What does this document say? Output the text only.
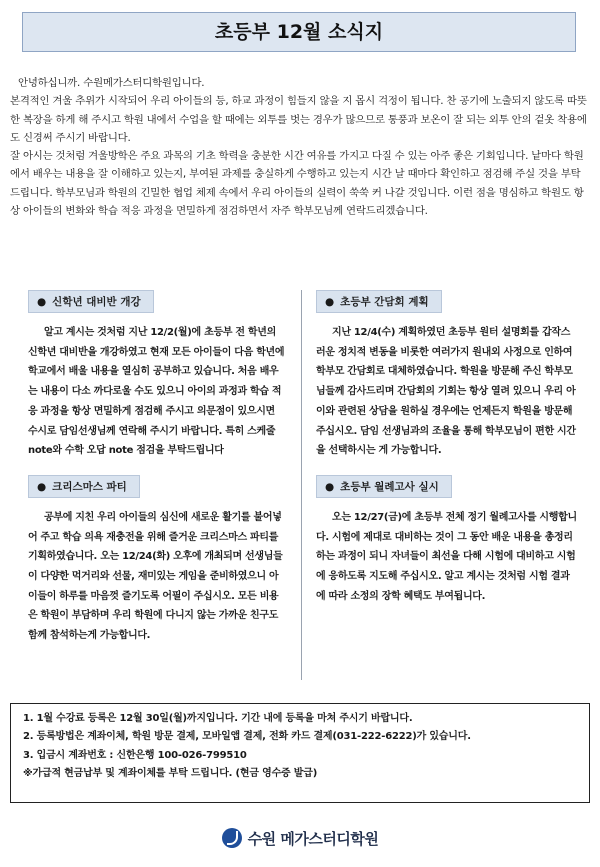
초등부 12월 소식지

안녕하십니까. 수원메가스터디학원입니다.

본격적인 겨울 추위가 시작되어 우리 아이들의 등, 하교 과정이 힘들지 않을 지 몹시 걱정이 됩니다. 찬 공기에 노출되지 않도록 따뜻한 복장을 하게 해 주시고 학원 내에서 수업을 할 때에는 외투를 벗는 경우가 많으므로 통풍과 보온이 잘 되는 외투 안의 겉옷 착용에도 신경써 주시기 바랍니다.

잘 아시는 것처럼 겨울방학은 주요 과목의 기초 학력을 충분한 시간 여유를 가지고 다질 수 있는 아주 좋은 기회입니다. 낱마다 학원에서 배우는 내용을 잘 이해하고 있는지, 부여된 과제를 충실하게 수행하고 있는지 시간 날 때마다 확인하고 점검해 주실 것을 부탁드립니다. 학부모님과 학원의 긴밀한 협업 체제 속에서 우리 아이들의 실력이 쑥쑥 커 나갈 것입니다. 이런 점을 명심하고 학원도 항상 아이들의 변화와 학습 적응 과정을 면밀하게 점검하면서 자주 학부모님께 연락드리겠습니다.

● 신학년 대비반 개강

알고 계시는 것처럼 지난 12/2(월)에 초등부 전 학년의 신학년 대비반을 개강하였고 현재 모든 아이들이 다음 학년에 학교에서 배울 내용을 열심히 공부하고 있습니다. 처음 배우는 내용이 다소 까다로울 수도 있으니 아이의 과정과 학습 적응 과정을 항상 면밀하게 점검해 주시고 의문점이 있으시면 수시로 담임선생님께 연락해 주시기 바랍니다. 특히 스케줄 note와 수학 오답 note 점검을 부탁드립니다

● 크리스마스 파티

공부에 지친 우리 아이들의 심신에 새로운 활기를 불어넣어 주고 학습 의욕 재충전을 위해 즐거운 크리스마스 파티를 기획하였습니다. 오는 12/24(화) 오후에 개최되며 선생님들이 다양한 먹거리와 선물, 재미있는 게임을 준비하였으니 아이들이 하루를 마음껏 즐기도록 어필이 주십시오. 모든 비용은 학원이 부담하며 우리 학원에 다니지 않는 가까운 친구도 함께 참석하는게 가능합니다.

● 초등부 간담회 계획

지난 12/4(수) 계획하였던 초등부 원터 설명회를 갑작스러운 정치적 변동을 비롯한 여러가지 원내외 사정으로 인하여 학부모 간담회로 대체하였습니다. 학원을 방문해 주신 학부모님들께 감사드리며 간담회의 기회는 항상 열려 있으니 우리 아이와 관련된 상담을 원하실 경우에는 언제든지 학원을 방문해 주십시오. 담임 선생님과의 조율을 통해 학부모님이 편한 시간을 선택하시는 게 가능합니다.

● 초등부 월례고사 실시

오는 12/27(금)에 초등부 전체 정기 월례고사를 시행합니다. 시험에 제대로 대비하는 것이 그 동안 배운 내용을 총정리하는 과정이 되니 자녀들이 최선을 다해 시험에 대비하고 시험에 응하도록 지도해 주십시오. 알고 계시는 것처럼 시험 결과에 따라 소정의 장학 혜택도 부여됩니다.

1. 1월 수강료 등록은 12월 30일(월)까지입니다. 기간 내에 등록을 마쳐 주시기 바랍니다.
2. 등록방법은 계좌이체, 학원 방문 결제, 모바일앱 결제, 전화 카드 결제(031-222-6222)가 있습니다.
3. 입금시 계좌번호 : 신한은행 100-026-799510
※가급적 현금납부 및 계좌이체를 부탁 드립니다. (현금 영수증 발급)
수원 메가스터디학원
